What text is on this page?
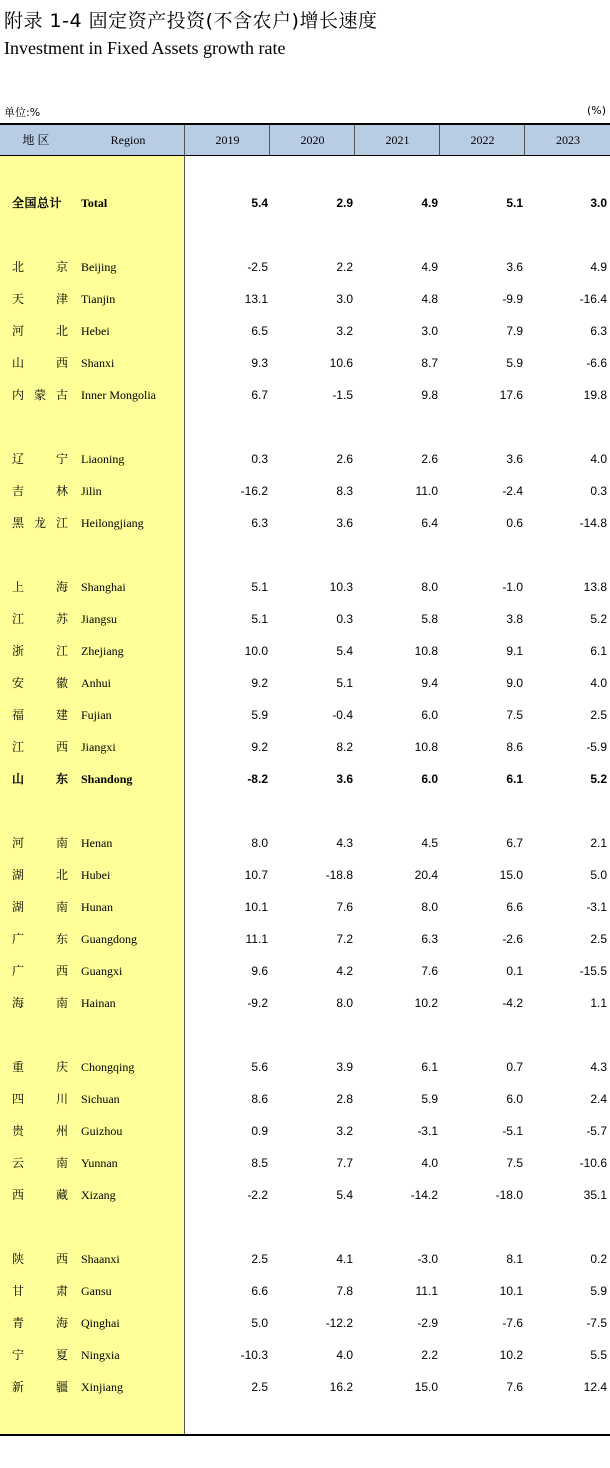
附录 1-4 固定资产投资(不含农户)增长速度
Investment in Fixed Assets growth rate
单位:%	(%)
地 区	Region	2019	2020	2021	2022	2023
全国总计	Total	5.4	2.9	4.9	5.1	3.0
北京 Beijing	-2.5	2.2	4.9	3.6	4.9
天津 Tianjin	13.1	3.0	4.8	-9.9	-16.4
河北 Hebei	6.5	3.2	3.0	7.9	6.3
山西 Shanxi	9.3	10.6	8.7	5.9	-6.6
内蒙古 Inner Mongolia	6.7	-1.5	9.8	17.6	19.8
辽宁 Liaoning	0.3	2.6	2.6	3.6	4.0
吉林 Jilin	-16.2	8.3	11.0	-2.4	0.3
黑龙江 Heilongjiang	6.3	3.6	6.4	0.6	-14.8
上海 Shanghai	5.1	10.3	8.0	-1.0	13.8
江苏 Jiangsu	5.1	0.3	5.8	3.8	5.2
浙江 Zhejiang	10.0	5.4	10.8	9.1	6.1
安徽 Anhui	9.2	5.1	9.4	9.0	4.0
福建 Fujian	5.9	-0.4	6.0	7.5	2.5
江西 Jiangxi	9.2	8.2	10.8	8.6	-5.9
山东 Shandong	-8.2	3.6	6.0	6.1	5.2
河南 Henan	8.0	4.3	4.5	6.7	2.1
湖北 Hubei	10.7	-18.8	20.4	15.0	5.0
湖南 Hunan	10.1	7.6	8.0	6.6	-3.1
广东 Guangdong	11.1	7.2	6.3	-2.6	2.5
广西 Guangxi	9.6	4.2	7.6	0.1	-15.5
海南 Hainan	-9.2	8.0	10.2	-4.2	1.1
重庆 Chongqing	5.6	3.9	6.1	0.7	4.3
四川 Sichuan	8.6	2.8	5.9	6.0	2.4
贵州 Guizhou	0.9	3.2	-3.1	-5.1	-5.7
云南 Yunnan	8.5	7.7	4.0	7.5	-10.6
西藏 Xizang	-2.2	5.4	-14.2	-18.0	35.1
陕西 Shaanxi	2.5	4.1	-3.0	8.1	0.2
甘肃 Gansu	6.6	7.8	11.1	10.1	5.9
青海 Qinghai	5.0	-12.2	-2.9	-7.6	-7.5
宁夏 Ningxia	-10.3	4.0	2.2	10.2	5.5
新疆 Xinjiang	2.5	16.2	15.0	7.6	12.4
